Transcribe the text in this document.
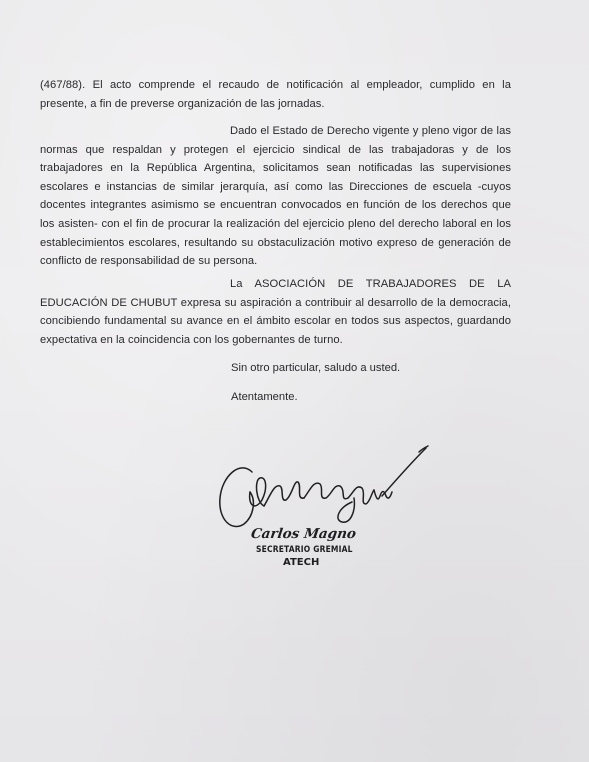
(467/88). El acto comprende el recaudo de notificación al empleador, cumplido en la presente, a fin de preverse organización de las jornadas.

Dado el Estado de Derecho vigente y pleno vigor de las normas que respaldan y protegen el ejercicio sindical de las trabajadoras y de los trabajadores en la República Argentina, solicitamos sean notificadas las supervisiones escolares e instancias de similar jerarquía, así como las Direcciones de escuela -cuyos docentes integrantes asimismo se encuentran convocados en función de los derechos que los asisten- con el fin de procurar la realización del ejercicio pleno del derecho laboral en los establecimientos escolares, resultando su obstaculización motivo expreso de generación de conflicto de responsabilidad de su persona.

La ASOCIACIÓN DE TRABAJADORES DE LA EDUCACIÓN DE CHUBUT expresa su aspiración a contribuir al desarrollo de la democracia, concibiendo fundamental su avance en el ámbito escolar en todos sus aspectos, guardando expectativa en la coincidencia con los gobernantes de turno.

Sin otro particular, saludo a usted.

Atentamente.

Carlos Magno

SECRETARIO GREMIAL

ATECH
